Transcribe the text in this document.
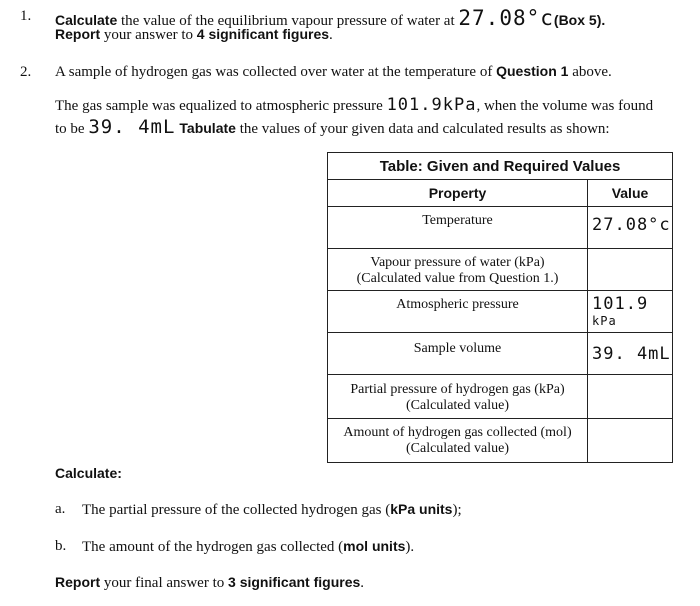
1. Calculate the value of the equilibrium vapour pressure of water at 27.08°c(Box 5).
Report your answer to 4 significant figures.
2. A sample of hydrogen gas was collected over water at the temperature of Question 1 above.
The gas sample was equalized to atmospheric pressure 101.9kPa, when the volume was found
to be 39. 4mL Tabulate the values of your given data and calculated results as shown:
Table: Given and Required Values	
Property	Value

Temperature	27.08°c

Vapour pressure of water (kPa)
(Calculated value from Question 1.)	

Atmospheric pressure	101.9 kPa

Sample volume	39. 4mL

Partial pressure of hydrogen gas (kPa)
(Calculated value)	

Amount of hydrogen gas collected (mol)
(Calculated value)	

Calculate:
a. The partial pressure of the collected hydrogen gas (kPa units);
b. The amount of the hydrogen gas collected (mol units).
Report your final answer to 3 significant figures.
